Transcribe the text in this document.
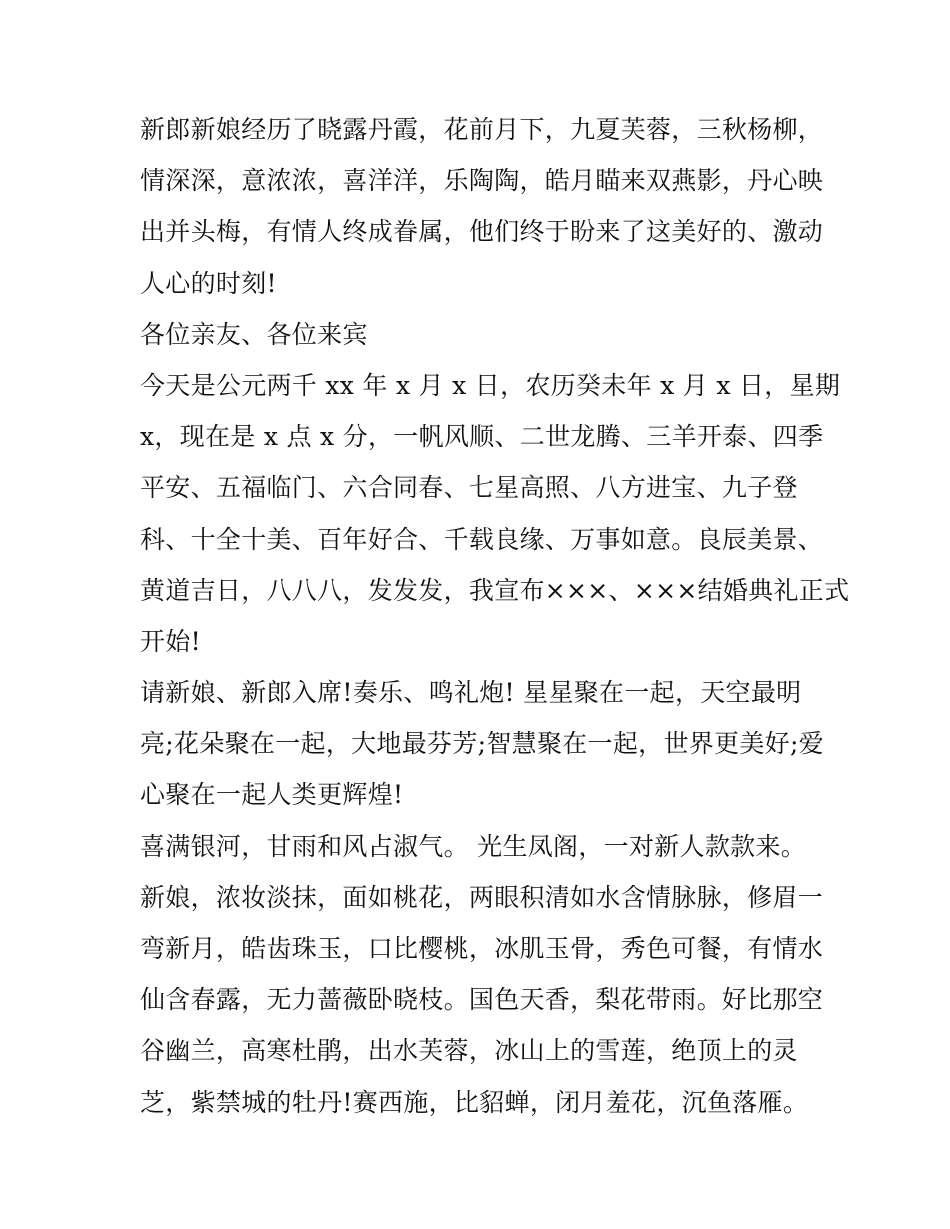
新郎新娘经历了晓露丹霞，花前月下，九夏芙蓉，三秋杨柳，
情深深，意浓浓，喜洋洋，乐陶陶，皓月瞄来双燕影，丹心映
出并头梅，有情人终成眷属，他们终于盼来了这美好的、激动
人心的时刻!
各位亲友、各位来宾
今天是公元两千 xx 年 x 月 x 日，农历癸未年 x 月 x 日，星期
x，现在是 x 点 x 分，一帆风顺、二世龙腾、三羊开泰、四季
平安、五福临门、六合同春、七星高照、八方进宝、九子登
科、十全十美、百年好合、千载良缘、万事如意。良辰美景、
黄道吉日，八八八，发发发，我宣布×××、×××结婚典礼正式
开始!
请新娘、新郎入席!奏乐、鸣礼炮! 星星聚在一起，天空最明
亮;花朵聚在一起，大地最芬芳;智慧聚在一起，世界更美好;爱
心聚在一起人类更辉煌!
喜满银河，甘雨和风占淑气。 光生凤阁，一对新人款款来。
新娘，浓妆淡抹，面如桃花，两眼积清如水含情脉脉，修眉一
弯新月，皓齿珠玉，口比樱桃，冰肌玉骨，秀色可餐，有情水
仙含春露，无力蔷薇卧晓枝。国色天香，梨花带雨。好比那空
谷幽兰，高寒杜鹃，出水芙蓉，冰山上的雪莲，绝顶上的灵
芝，紫禁城的牡丹!赛西施，比貂蝉，闭月羞花，沉鱼落雁。
